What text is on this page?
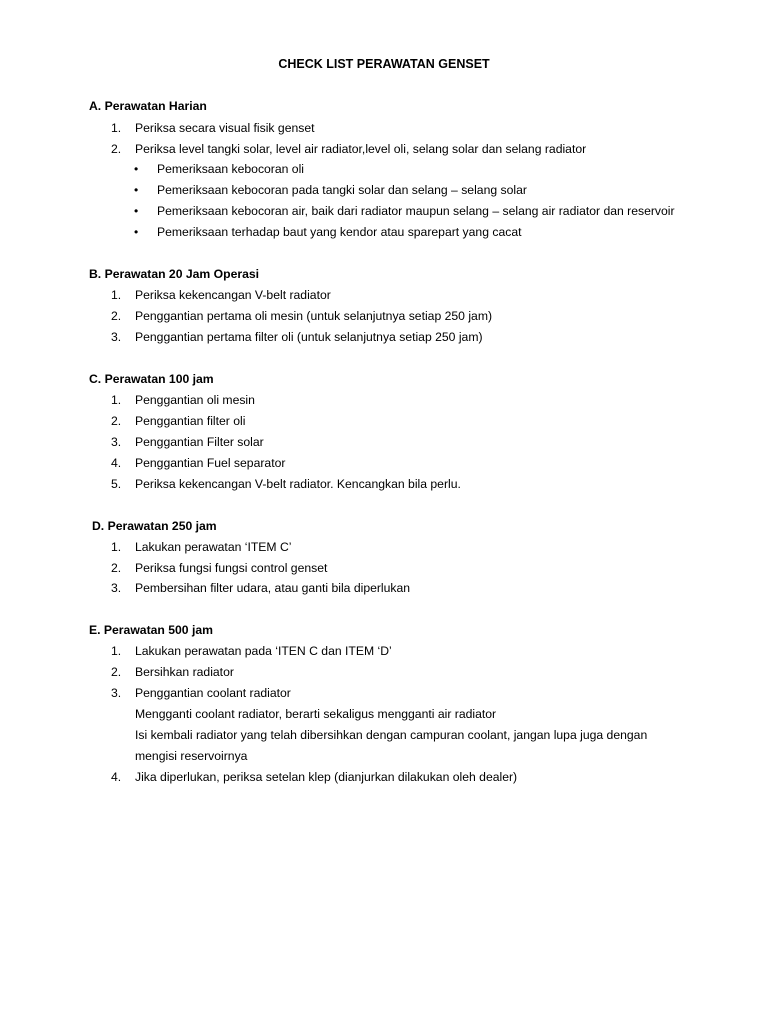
CHECK LIST PERAWATAN GENSET
A. Perawatan Harian
1. Periksa secara visual fisik genset
2. Periksa level tangki solar, level air radiator,level oli, selang solar dan selang radiator
•
Pemeriksaan kebocoran oli
•
Pemeriksaan kebocoran pada tangki solar dan selang – selang solar
•
Pemeriksaan kebocoran air, baik dari radiator maupun selang – selang air radiator dan reservoir
•
Pemeriksaan terhadap baut yang kendor atau sparepart yang cacat
B. Perawatan 20 Jam Operasi
1. Periksa kekencangan V-belt radiator
2. Penggantian pertama oli mesin (untuk selanjutnya setiap 250 jam)
3. Penggantian pertama filter oli (untuk selanjutnya setiap 250 jam)
C. Perawatan 100 jam
1. Penggantian oli mesin
2. Penggantian filter oli
3. Penggantian Filter solar
4. Penggantian Fuel separator
5. Periksa kekencangan V-belt radiator. Kencangkan bila perlu.
D. Perawatan 250 jam
1. Lakukan perawatan ‘ITEM C’
2. Periksa fungsi fungsi control genset
3. Pembersihan filter udara, atau ganti bila diperlukan
E. Perawatan 500 jam
1. Lakukan perawatan pada ‘ITEN C dan ITEM ‘D’
2. Bersihkan radiator
3. Penggantian coolant radiator
Mengganti coolant radiator, berarti sekaligus mengganti air radiator
Isi kembali radiator yang telah dibersihkan dengan campuran coolant, jangan lupa juga dengan
mengisi reservoirnya
4. Jika diperlukan, periksa setelan klep (dianjurkan dilakukan oleh dealer)
